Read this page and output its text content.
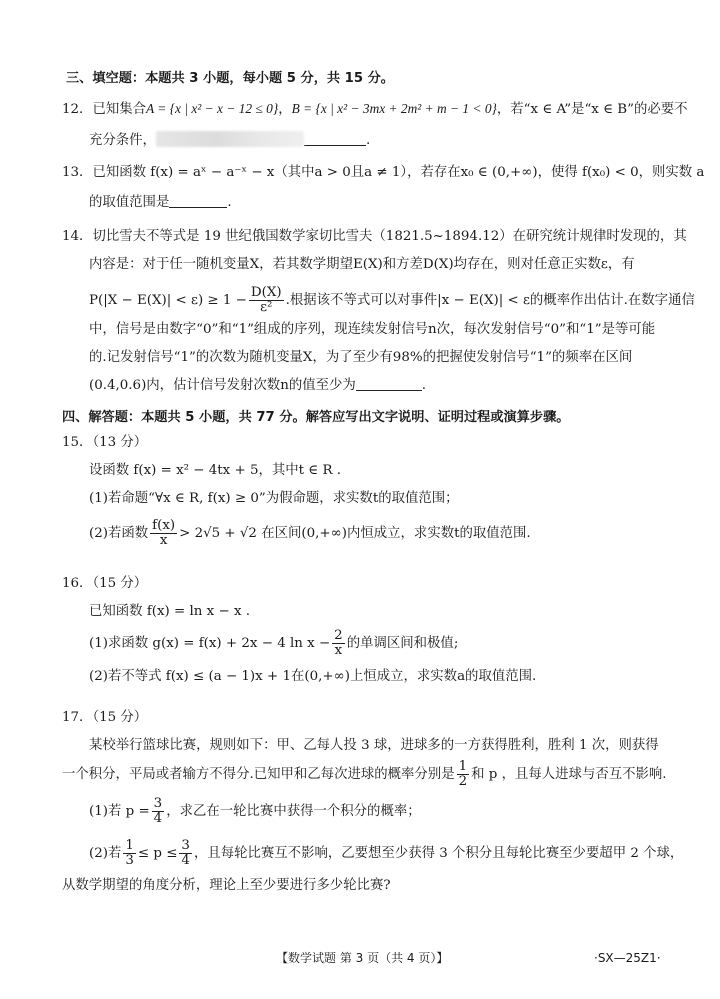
三、填空题：本题共 3 小题，每小题 5 分，共 15 分。
12．已知集合A = {x | x² − x − 12 ≤ 0}，B = {x | x² − 3mx + 2m² + m − 1 < 0}，若“x ∈ A”是“x ∈ B”的必要不
充分条件，	.
13．已知函数 f(x) = aˣ − a⁻ˣ − x（其中a > 0且a ≠ 1），若存在x₀ ∈ (0,+∞)，使得 f(x₀) < 0，则实数 a
的取值范围是	.
14．切比雪夫不等式是 19 世纪俄国数学家切比雪夫（1821.5~1894.12）在研究统计规律时发现的，其
内容是：对于任一随机变量X，若其数学期望E(X)和方差D(X)均存在，则对任意正实数ε，有
$P(|X - E(X)| < \varepsilon) \ge 1 - \frac{D(X)}{\text{ε²}}$ .根据该不等式可以对事件|x − E(X)| < ε的概率作出估计.在数字通信
中，信号是由数字“0”和“1”组成的序列，现连续发射信号n次，每次发射信号“0”和“1”是等可能
的.记发射信号“1”的次数为随机变量X，为了至少有98%的把握使发射信号“1”的频率在区间
(0.4,0.6)内，估计信号发射次数n的值至少为	.
四、解答题：本题共 5 小题，共 77 分。解答应写出文字说明、证明过程或演算步骤。
15．（13 分）
设函数 f(x) = x² − 4tx + 5，其中t ∈ R .
(1)若命题“∀x ∈ R, f(x) ≥ 0”为假命题，求实数t的取值范围；
(2)若函数 $\frac{f(x)}{x} > 2√5 + √2$ 在区间(0,+∞)内恒成立，求实数t的取值范围.
16．（15 分）
已知函数 f(x) = ln x − x .
(1)求函数 g(x) = f(x) + 2x − 4 $\ln x - \frac{2}{x}$ 的单调区间和极值;
(2)若不等式 f(x) ≤ (a − 1)x + 1在(0,+∞)上恒成立，求实数a的取值范围.
17．（15 分）
某校举行篮球比赛，规则如下：甲、乙每人投 3 球，进球多的一方获得胜利，胜利 1 次，则获得
一个积分，平局或者输方不得分.已知甲和乙每次进球的概率分别是 $\frac{1}{2}$ 和 p ，且每人进球与否互不影响.
(1)若 $p = \frac{3}{4}$ ，求乙在一轮比赛中获得一个积分的概率；
(2)若 $\frac{1}{3} \le p \le \frac{3}{4}$ ，且每轮比赛互不影响，乙要想至少获得 3 个积分且每轮比赛至少要超甲 2 个球，
从数学期望的角度分析，理论上至少要进行多少轮比赛?
【数学试题 第 3 页（共 4 页）】	·SX—25Z1·
